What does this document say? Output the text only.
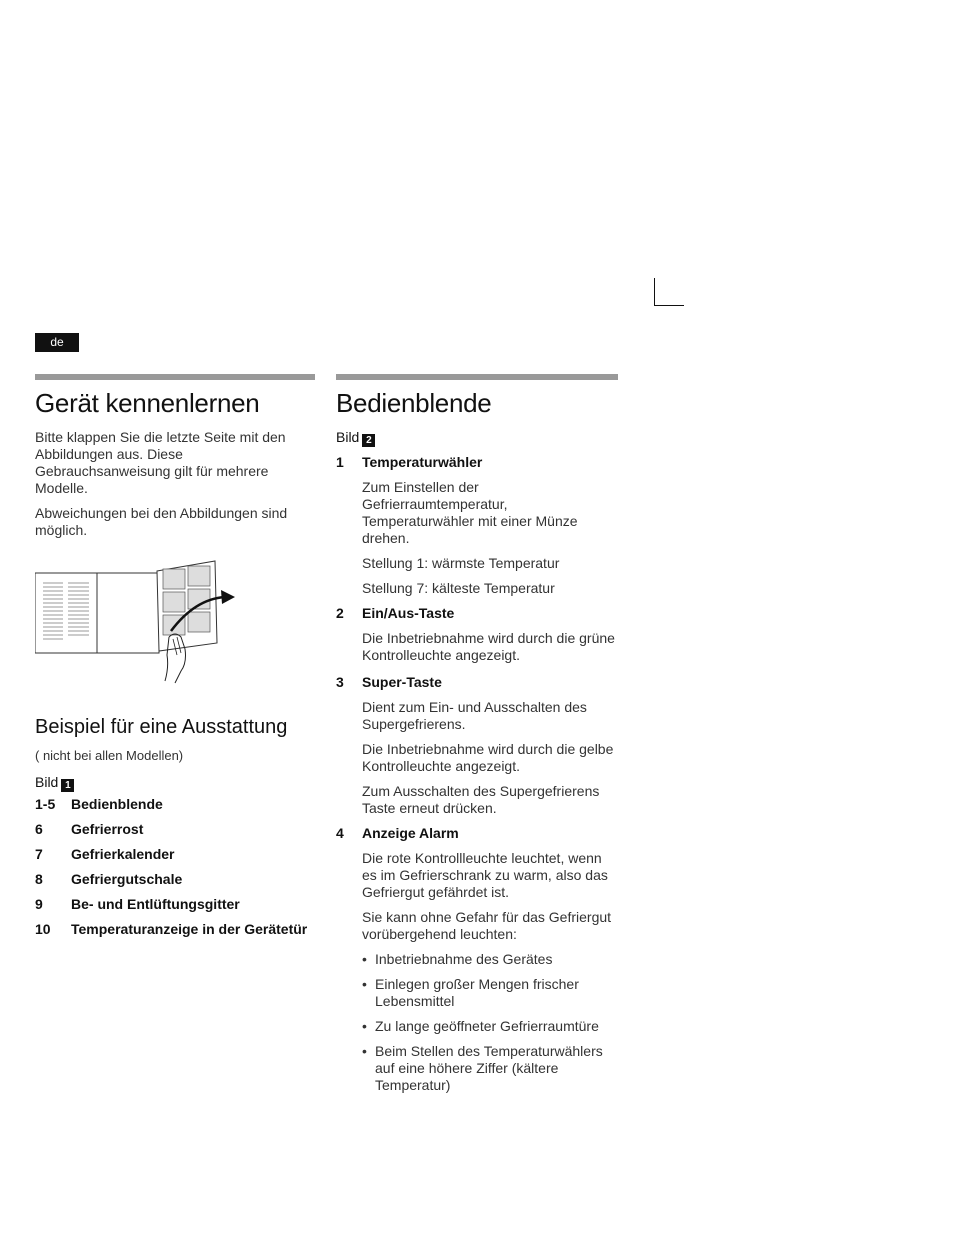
de
Gerät kennenlernen

Bitte klappen Sie die letzte Seite mit den Abbildungen aus. Diese Gebrauchsanweisung gilt für mehrere Modelle.

Abweichungen bei den Abbildungen sind möglich.

Beispiel für eine Ausstattung

( nicht bei allen Modellen)

Bild 1
1-5	Bedienblende
6	Gefrierrost
7	Gefrierkalender
8	Gefriergutschale
9	Be- und Entlüftungsgitter
10	Temperaturanzeige in der Gerätetür
Bedienblende
Bild 2
1	Temperaturwähler

Zum Einstellen der Gefrierraumtemperatur, Temperaturwähler mit einer Münze drehen.

Stellung 1: wärmste Temperatur

Stellung 7: kälteste Temperatur

2	Ein/Aus-Taste

Die Inbetriebnahme wird durch die grüne Kontrolleuchte angezeigt.

3	Super-Taste

Dient zum Ein- und Ausschalten des Supergefrierens.

Die Inbetriebnahme wird durch die gelbe Kontrolleuchte angezeigt.

Zum Ausschalten des Supergefrierens Taste erneut drücken.

4	Anzeige Alarm

Die rote Kontrollleuchte leuchtet, wenn es im Gefrierschrank zu warm, also das Gefriergut gefährdet ist.

Sie kann ohne Gefahr für das Gefriergut vorübergehend leuchten:

• Inbetriebnahme des Gerätes
• Einlegen großer Mengen frischer Lebensmittel
• Zu lange geöffneter Gefrierraumtüre
• Beim Stellen des Temperaturwählers auf eine höhere Ziffer (kältere Temperatur)
